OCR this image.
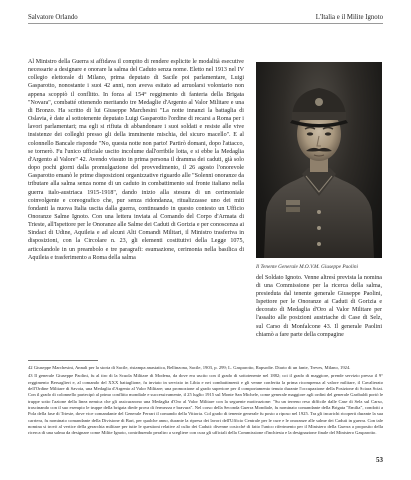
Salvatore Orlando	L'Italia e il Milite Ignoto
Al Ministro della Guerra si affidava il compito di rendere esplicite le modalità esecutive necessarie a designare e onorare la salma del Caduto senza nome. Eletto nel 1913 nel IV collegio elettorale di Milano, prima deputato di Sacile poi parlamentare, Luigi Gasparotto, nonostante i suoi 42 anni, non aveva esitato ad arruolarsi volontario non appena scoppiò il conflitto. In forza al 154° reggimento di fanteria della Brigata "Novara", combatté ottenendo meritando tre Medaglie d'Argento al Valor Militare e una di Bronzo. Ha scritto di lui Giuseppe Marchesini "La notte innanzi la battaglia di Oslavia, è date al sottotenente deputato Luigi Gasparotto l'ordine di recarsi a Roma per i lavori parlamentari; ma egli si rifiuta di abbandonare i suoi soldati e resiste alle vive insistenze dei colleghi presso gli della imminente mischia, del sicuro macello". E al colonnello Bancale risponde "No, questa notte non parto! Partirò domani, dopo l'attacco, se tornerò. Fu l'unico ufficiale uscito incolume dall'orribile lotta, e si ebbe la Medaglia d'Argento al Valore" 42. Avendo vissuto in prima persona il dramma dei caduti, già solo dopo pochi giorni dalla promulgazione del provvedimento, il 26 agosto l'onorevole Gasparotto emanò le prime disposizioni organizzative riguardo alle "Solenni onoranze da tributare alla salma senza nome di un caduto in combattimento sul fronte italiano nella guerra italo-austriaca 1915-1918", dando inizio alla stesura di un cerimoniale coinvolgente e coreografico che, pur senza ridondanza, ritualizzasse uno dei miti fondanti la nuova Italia uscita dalla guerra, continuando in questo contesto un Ufficio Onoranze Salme Ignoto. Con una lettera inviata al Comando del Corpo d'Armata di Trieste, all'Ispettore per le Onoranze alle Salme dei Caduti di Gorizia e per conoscenza ai Sindaci di Udine, Aquileia e ad alcuni Alti Comandi Militari, il Ministro trasferiva in disposizioni, con la Circolare n. 23, gli elementi costitutivi della Legge 1075, articolandole in un preambolo e tre paragrafi: esumazione, cerimonia nella basilica di Aquileia e trasferimento a Roma della salma
Il Tenente Generale M.O.V.M. Giuseppe Paolini
del Soldato Ignoto. Venne altresì prevista la nomina di una Commissione per la ricerca della salma, presieduta dal tenente generale Giuseppe Paolini, Ispettore per le Onoranze ai Caduti di Gorizia e decorato di Medaglia d'Oro al Valor Militare per l'assalto alle posizioni austriache di Case di Selz, sul Carso di Monfalcone 43. Il generale Paolini chiamò a fare parte della compagine

42 Giuseppe Marchesini, Annali per la storia di Sacile, ristampa anastatica, Bellinzona, Sacile, 1903, p. 299; L. Gasparotto, Rapsodie. Diario di un fante, Treves, Milano, 1924.

43 Il generale Giuseppe Paolini, fu al tiro di la Scuola Militare di Modena, da dove era uscito con il grado di sottotenente nel 1882; coi il grado di maggiore, prende servizio presso il 9° reggimento Bersaglieri e, al comando del XXX battaglione, fu inviato in servizio in Libia e nei combattimenti e gli venne conferita la prima ricompensa al valore militare, il Cavalierato dell'Ordine Militare di Savoia, una Medaglia d'Argento al Valor Militare; una promozione al grado superiore per il comportamento tenuto durante l'occupazione della Posizione di Sciara Sciat. Con il grado di colonnello partecipò al primo conflitto mondiale e successivamente, il 25 luglio 1915 sul Monte San Michele, come generale maggiore agli ordini del generale Garibaldi portò le truppe sotto l'azione della linea nemica che gli assicurarono una Medaglia d'Oro al Valor Militare con la seguente motivazione: "Su un terreno reso difficile dalle Case di Selz sul Carso, trascinando con il suo esempio le truppe della brigata diede prova di fermezza e bravura". Nel corso della Seconda Guerra Mondiale, fu nominato comandante della Brigata "Emilia", condotti a Pola della fase di Trieste, dove vice comandante del Generale Ferrari il comando della Vittoria. Col grado di tenente generale fu posto a riposo nel 1925. Tra gli incarichi ricoperti durante la sua carriera, fu nominato comandante della Divisione di Bari, per qualche anno, durante la ripresa dei lavori dell'Ufficio Centrale per le cure e le onoranze alle salme dei Caduti in guerra. Con tale nomina si trovò al vertice della gerarchia militare per tutte le questioni relative al culto dei Caduti: divenne cosicché di fatto l'unico riferimento per il Ministero della Guerra a proposito della ricerca di una salma da designare come Milite Ignoto, contribuendo peraltro a scegliere con cura gli ufficiali della Commissione d'inchiesta e la designazione finale del Ministero Gasparotto.

53
